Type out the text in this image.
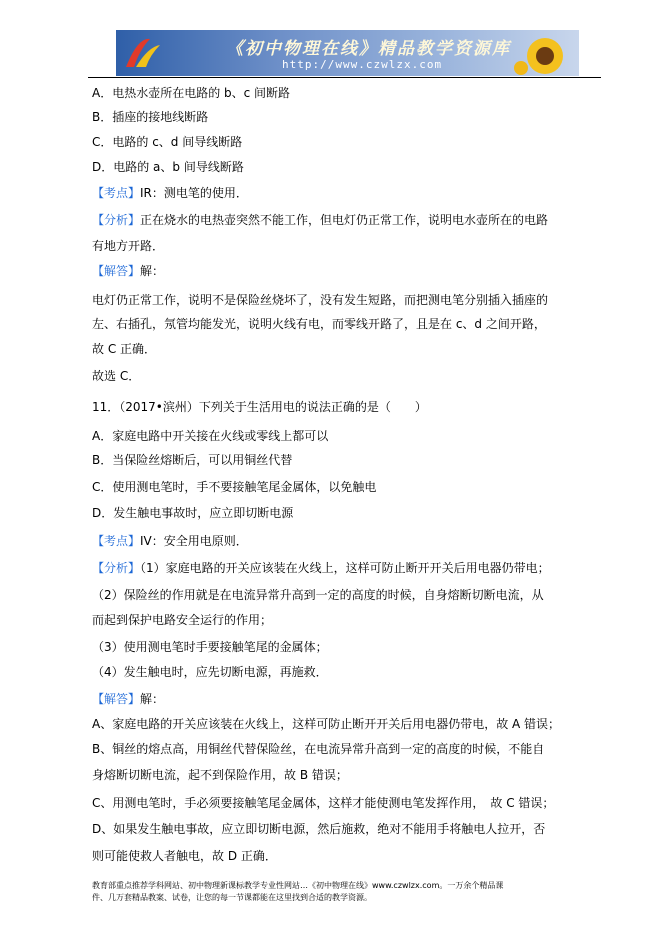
《初中物理在线》精品教学资源库
http://www.czwlzx.com
A．电热水壶所在电路的 b、c 间断路
B．插座的接地线断路
C．电路的 c、d 间导线断路
D．电路的 a、b 间导线断路
【考点】IR：测电笔的使用．
【分析】正在烧水的电热壶突然不能工作，但电灯仍正常工作，说明电水壶所在的电路
有地方开路．
【解答】解：
电灯仍正常工作，说明不是保险丝烧坏了，没有发生短路，而把测电笔分别插入插座的
左、右插孔，氖管均能发光，说明火线有电，而零线开路了，且是在 c、d 之间开路，
故 C 正确．
故选 C．
11．（2017•滨州）下列关于生活用电的说法正确的是（　　）
A．家庭电路中开关接在火线或零线上都可以
B．当保险丝熔断后，可以用铜丝代替
C．使用测电笔时，手不要接触笔尾金属体，以免触电
D．发生触电事故时，应立即切断电源
【考点】IV：安全用电原则．
【分析】（1）家庭电路的开关应该装在火线上，这样可防止断开开关后用电器仍带电；
（2）保险丝的作用就是在电流异常升高到一定的高度的时候，自身熔断切断电流，从
而起到保护电路安全运行的作用；
（3）使用测电笔时手要接触笔尾的金属体；
（4）发生触电时，应先切断电源，再施救．
【解答】解：
A、家庭电路的开关应该装在火线上，这样可防止断开开关后用电器仍带电，故 A 错误；
B、铜丝的熔点高，用铜丝代替保险丝，在电流异常升高到一定的高度的时候，不能自
身熔断切断电流，起不到保险作用，故 B 错误；
C、用测电笔时，手必须要接触笔尾金属体，这样才能使测电笔发挥作用，　故 C 错误；
D、如果发生触电事故，应立即切断电源，然后施救，绝对不能用手将触电人拉开，否
则可能使救人者触电，故 D 正确．
教育部重点推荐学科网站、初中物理新课标教学专业性网站…《初中物理在线》www.czwlzx.com。一万余个精品课
件、几万套精品教案、试卷，让您的每一节课都能在这里找到合适的教学资源。
